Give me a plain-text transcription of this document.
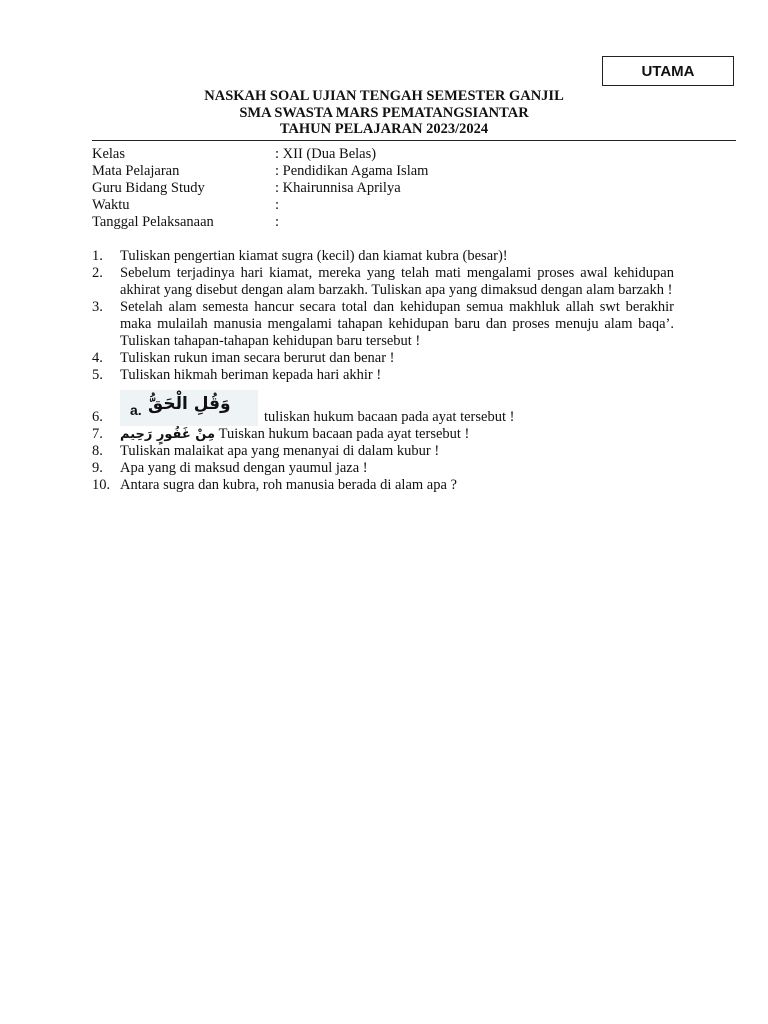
UTAMA
NASKAH SOAL UJIAN TENGAH SEMESTER GANJIL
SMA SWASTA MARS PEMATANGSIANTAR
TAHUN PELAJARAN 2023/2024
Kelas	: XII (Dua Belas)
Mata Pelajaran	: Pendidikan Agama Islam
Guru Bidang Study	: Khairunnisa Aprilya
Waktu	:
Tanggal Pelaksanaan	:
1.	Tuliskan pengertian kiamat sugra (kecil) dan kiamat kubra (besar)!
2.	Sebelum terjadinya hari kiamat, mereka yang telah mati mengalami proses awal kehidupan akhirat yang disebut dengan alam barzakh. Tuliskan apa yang dimaksud dengan alam barzakh !
3.	Setelah alam semesta hancur secara total dan kehidupan semua makhluk allah swt berakhir maka mulailah manusia mengalami tahapan kehidupan baru dan proses menuju alam baqa’. Tuliskan tahapan-tahapan kehidupan baru tersebut !
4.	Tuliskan rukun iman secara berurut dan benar !
5.	Tuliskan hikmah beriman kepada hari akhir !
6.	a. وَقُلِ الْحَقُّ
tuliskan hukum bacaan pada ayat tersebut !
7.	مِنْ غَفُورٍ رَحِيم Tuiskan hukum bacaan pada ayat tersebut !
8.	Tuliskan malaikat apa yang menanyai di dalam kubur !
9.	Apa yang di maksud dengan yaumul jaza !
10. Antara sugra dan kubra, roh manusia berada di alam apa ?
